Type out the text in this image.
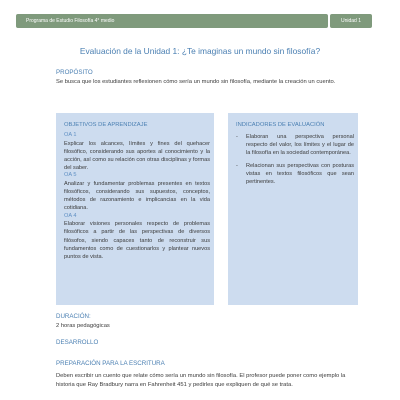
Programa de Estudio Filosofía 4° medio	Unidad 1
Evaluación de la Unidad 1: ¿Te imaginas un mundo sin filosofía?
PROPÓSITO
Se busca que los estudiantes reflexionen cómo sería un mundo sin filosofía, mediante la creación un cuento.
OBJETIVOS DE APRENDIZAJE
OA 1
Explicar los alcances, límites y fines del quehacer filosófico, considerando sus aportes al conocimiento y la acción, así como su relación con otras disciplinas y formas del saber.
OA 5
Analizar y fundamentar problemas presentes en textos filosóficos, considerando sus supuestos, conceptos, métodos de razonamiento e implicancias en la vida cotidiana.
OA 4
Elaborar visiones personales respecto de problemas filosóficos a partir de las perspectivas de diversos filósofos, siendo capaces tanto de reconstruir sus fundamentos como de cuestionarlos y plantear nuevos puntos de vista.
INDICADORES DE EVALUACIÓN
- Elaboran una perspectiva personal respecto del valor, los límites y el lugar de la filosofía en la sociedad contemporánea.
- Relacionan sus perspectivas con posturas vistas en textos filosóficos que sean pertinentes.
DURACIÓN:
2 horas pedagógicas
DESARROLLO
PREPARACIÓN PARA LA ESCRITURA
Deben escribir un cuento que relate cómo sería un mundo sin filosofía. El profesor puede poner como ejemplo la historia que Ray Bradbury narra en Fahrenheit 451 y pedirles que expliquen de qué se trata.
